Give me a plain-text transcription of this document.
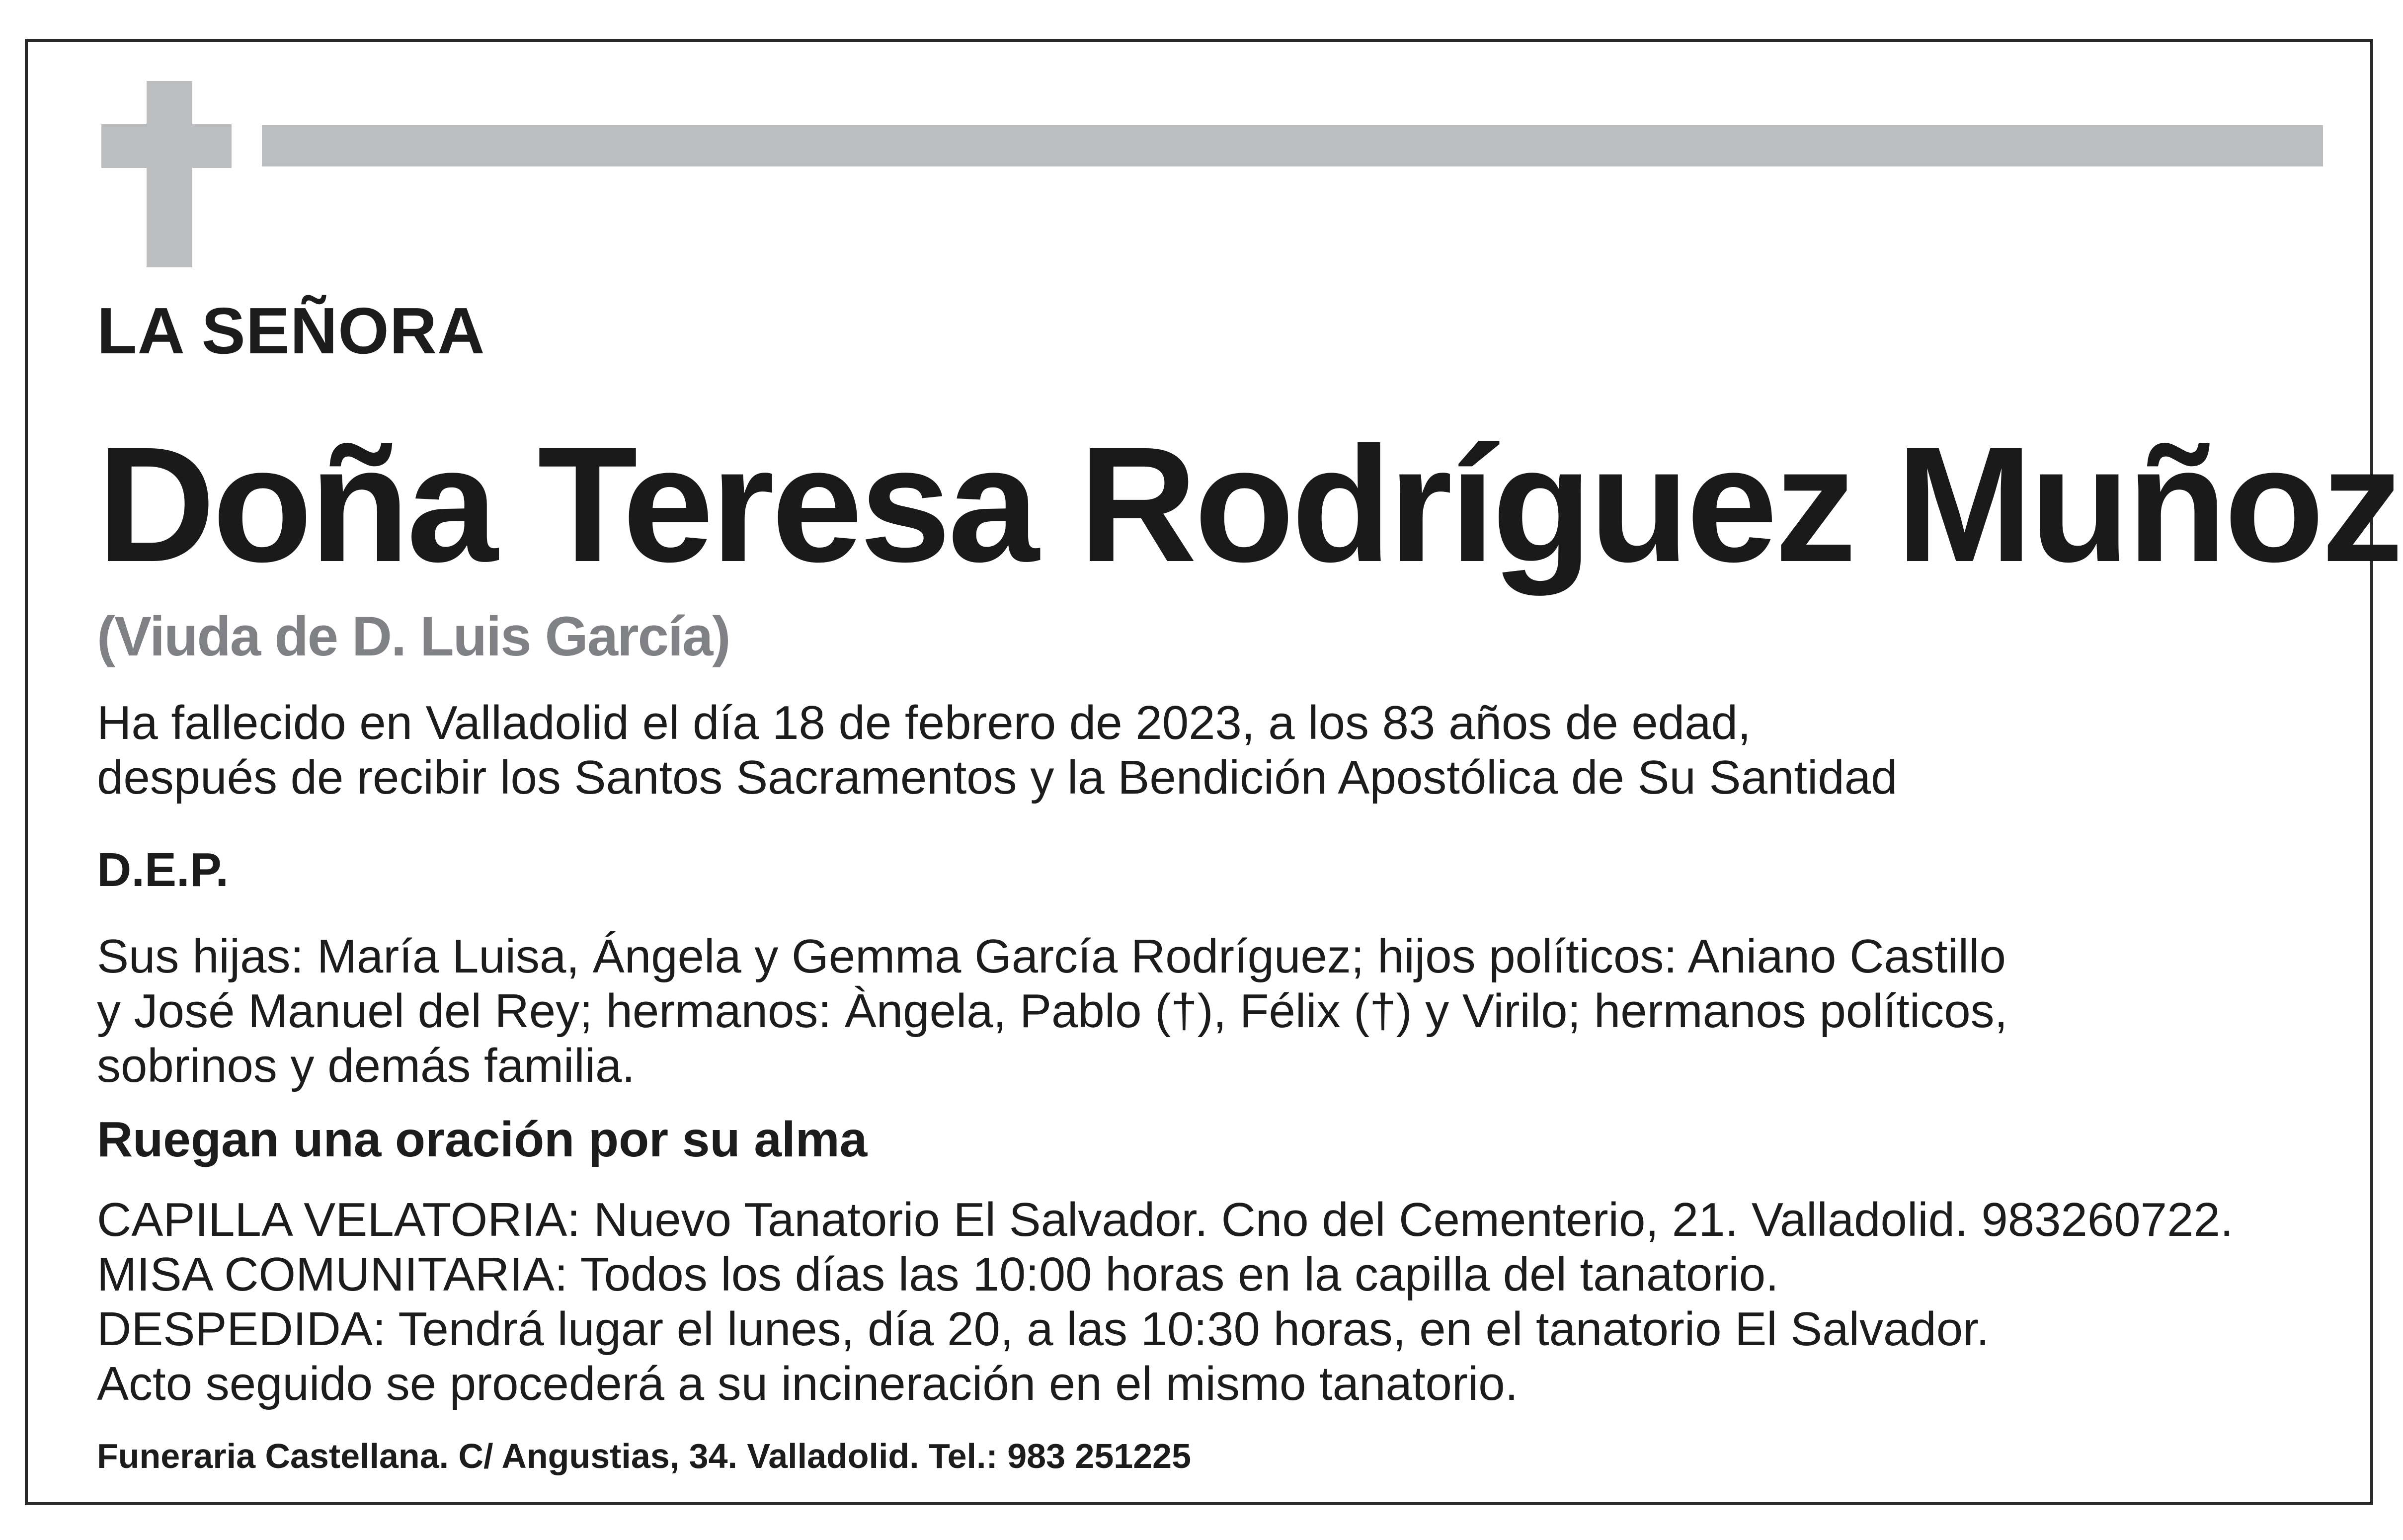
LA SEÑORA

Doña Teresa Rodríguez Muñoz

(Viuda de D. Luis García)

Ha fallecido en Valladolid el día 18 de febrero de 2023, a los 83 años de edad,
después de recibir los Santos Sacramentos y la Bendición Apostólica de Su Santidad

D.E.P.

Sus hijas: María Luisa, Ángela y Gemma García Rodríguez; hijos políticos: Aniano Castillo
y José Manuel del Rey; hermanos: Àngela, Pablo (†), Félix (†) y Virilo; hermanos políticos,
sobrinos y demás familia.

Ruegan una oración por su alma

CAPILLA VELATORIA: Nuevo Tanatorio El Salvador. Cno del Cementerio, 21. Valladolid. 983260722.
MISA COMUNITARIA: Todos los días las 10:00 horas en la capilla del tanatorio.
DESPEDIDA: Tendrá lugar el lunes, día 20, a las 10:30 horas, en el tanatorio El Salvador.
Acto seguido se procederá a su incineración en el mismo tanatorio.

Funeraria Castellana. C/ Angustias, 34. Valladolid. Tel.: 983 251225
